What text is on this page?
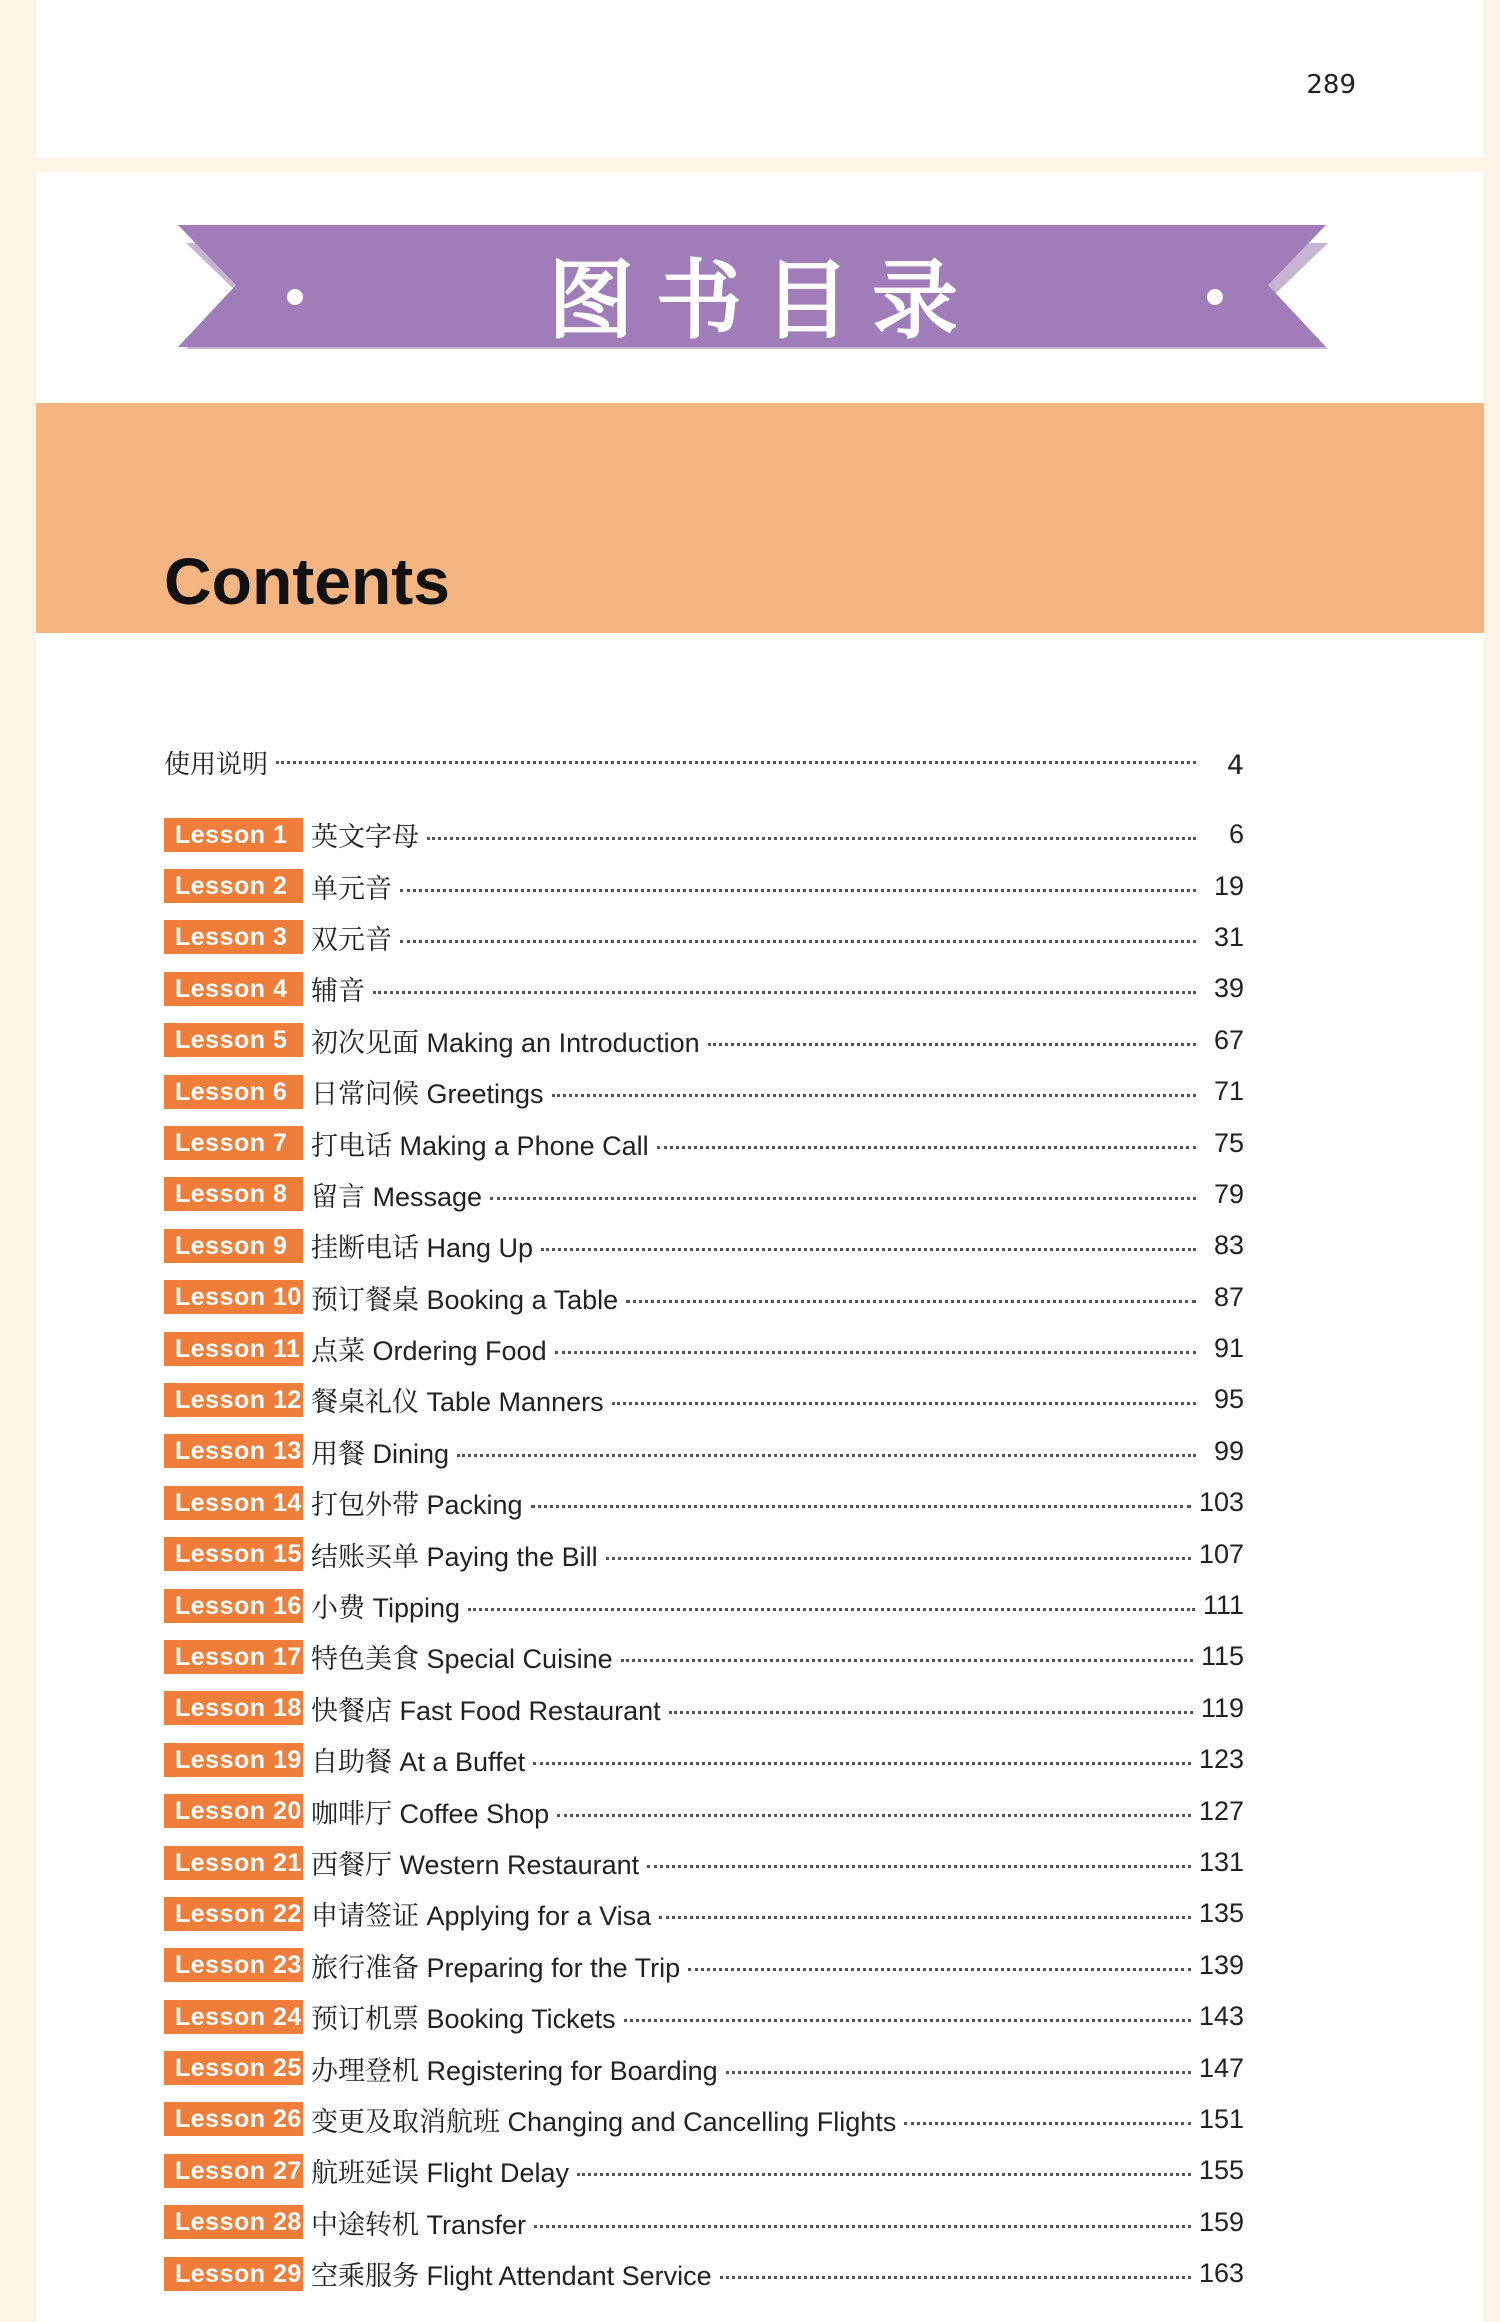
289
图书目录
Contents
使用说明	4
Lesson 1 英文字母	6
Lesson 2 单元音	19
Lesson 3 双元音	31
Lesson 4 辅音	39
Lesson 5 初次见面 Making an Introduction	67
Lesson 6 日常问候 Greetings	71
Lesson 7 打电话 Making a Phone Call	75
Lesson 8 留言 Message	79
Lesson 9 挂断电话 Hang Up	83
Lesson 10 预订餐桌 Booking a Table	87
Lesson 11 点菜 Ordering Food	91
Lesson 12 餐桌礼仪 Table Manners	95
Lesson 13 用餐 Dining	99
Lesson 14 打包外带 Packing	103
Lesson 15 结账买单 Paying the Bill	107
Lesson 16 小费 Tipping	111
Lesson 17 特色美食 Special Cuisine	115
Lesson 18 快餐店 Fast Food Restaurant	119
Lesson 19 自助餐 At a Buffet	123
Lesson 20 咖啡厅 Coffee Shop	127
Lesson 21 西餐厅 Western Restaurant	131
Lesson 22 申请签证 Applying for a Visa	135
Lesson 23 旅行准备 Preparing for the Trip	139
Lesson 24 预订机票 Booking Tickets	143
Lesson 25 办理登机 Registering for Boarding	147
Lesson 26 变更及取消航班 Changing and Cancelling Flights	151
Lesson 27 航班延误 Flight Delay	155
Lesson 28 中途转机 Transfer	159
Lesson 29 空乘服务 Flight Attendant Service	163
